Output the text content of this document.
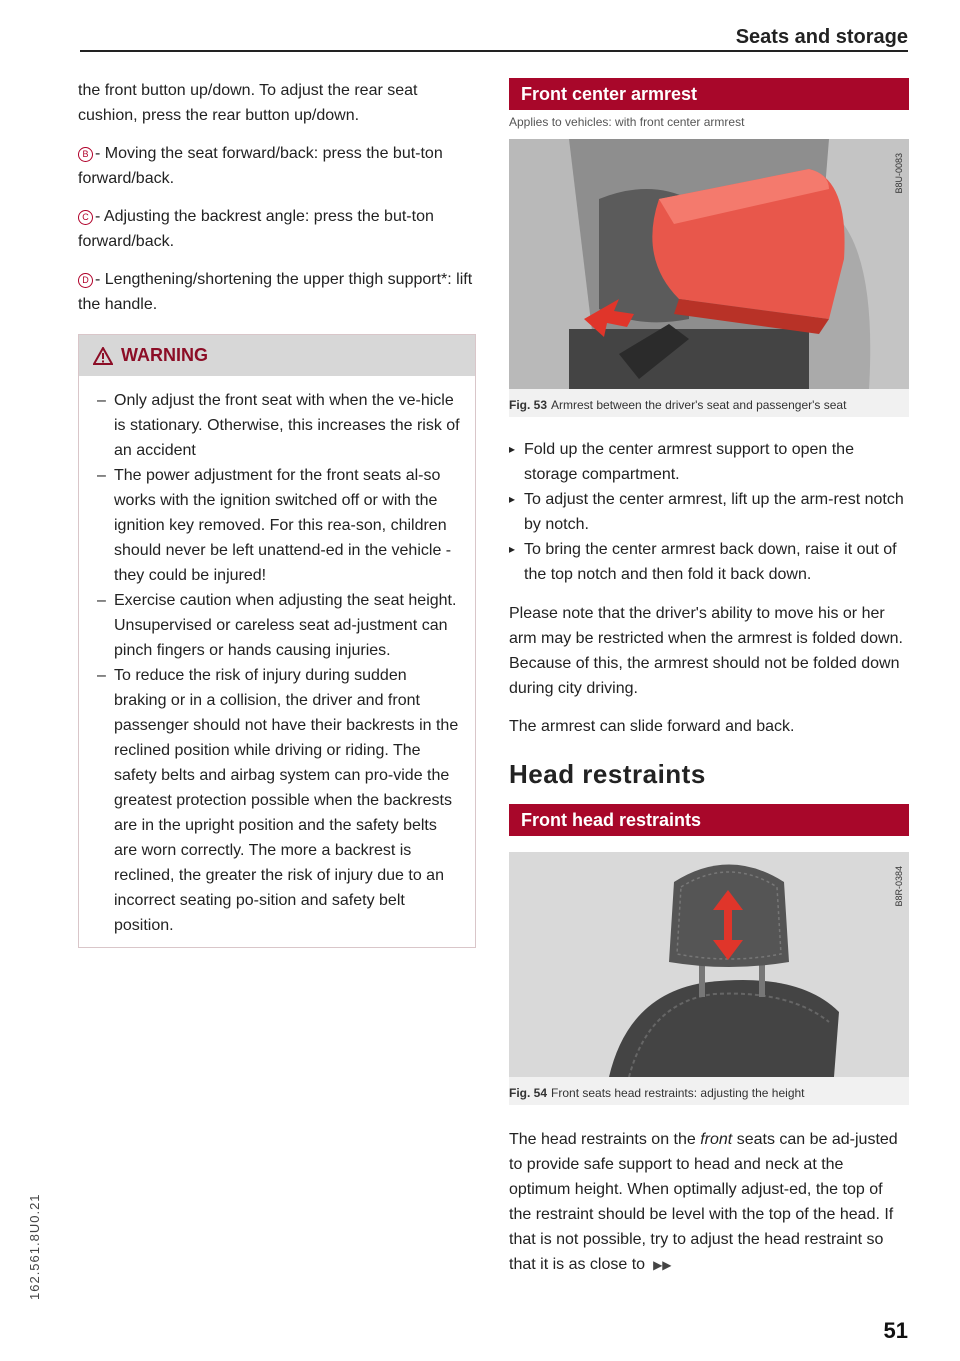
Seats and storage
162.561.8U0.21

the front button up/down. To adjust the rear seat cushion, press the rear button up/down.

B - Moving the seat forward/back: press the but-ton forward/back.

C - Adjusting the backrest angle: press the but-ton forward/back.

D - Lengthening/shortening the upper thigh support*: lift the handle.

WARNING
– Only adjust the front seat with when the ve-hicle is stationary. Otherwise, this increases the risk of an accident
– The power adjustment for the front seats al-so works with the ignition switched off or with the ignition key removed. For this rea-son, children should never be left unattend-ed in the vehicle - they could be injured!
– Exercise caution when adjusting the seat height. Unsupervised or careless seat ad-justment can pinch fingers or hands causing injuries.
– To reduce the risk of injury during sudden braking or in a collision, the driver and front passenger should not have their backrests in the reclined position while driving or riding. The safety belts and airbag system can pro-vide the greatest protection possible when the backrests are in the upright position and the safety belts are worn correctly. The more a backrest is reclined, the greater the risk of injury due to an incorrect seating po-sition and safety belt position.
Front center armrest
Applies to vehicles: with front center armrest
B8U-0083
Fig. 53 Armrest between the driver's seat and passenger's seat
▸ Fold up the center armrest support to open the storage compartment.
▸ To adjust the center armrest, lift up the arm-rest notch by notch.
▸ To bring the center armrest back down, raise it out of the top notch and then fold it back down.

Please note that the driver's ability to move his or her arm may be restricted when the armrest is folded down. Because of this, the armrest should not be folded down during city driving.

The armrest can slide forward and back.

Head restraints
Front head restraints
B8R-0384
Fig. 54 Front seats head restraints: adjusting the height

The head restraints on the front seats can be ad-justed to provide safe support to head and neck at the optimum height. When optimally adjust-ed, the top of the restraint should be level with the top of the head. If that is not possible, try to adjust the head restraint so that it is as close to ▶▶

51
